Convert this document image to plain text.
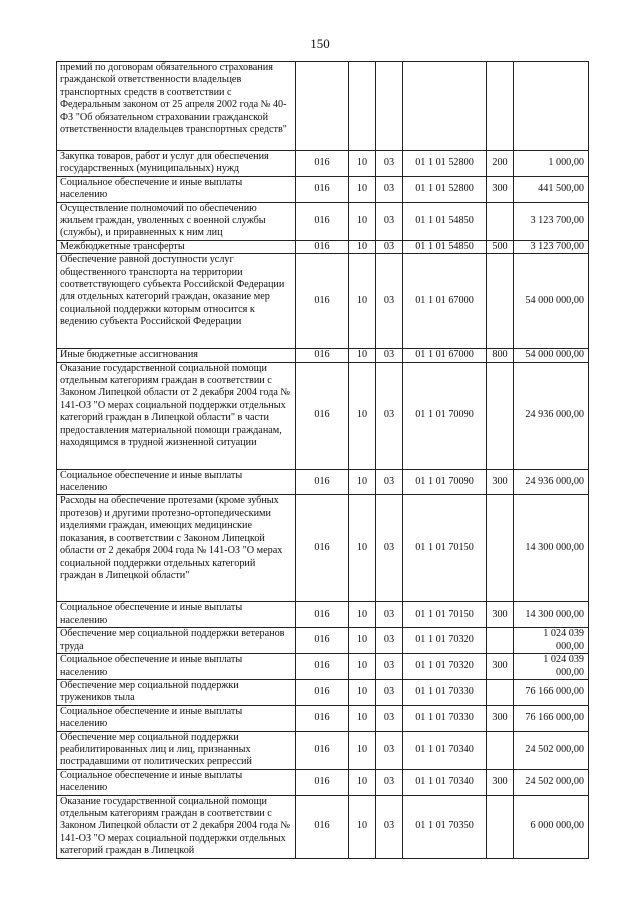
150
премий по договорам обязательного страхования гражданской ответственности владельцев транспортных средств в соответствии с Федеральным законом от 25 апреля 2002 года № 40-ФЗ "Об обязательном страховании гражданской ответственности владельцев транспортных средств"						
Закупка товаров, работ и услуг для обеспечения государственных (муниципальных) нужд	016	10	03	01 1 01 52800	200	1 000,00
Социальное обеспечение и иные выплаты населению	016	10	03	01 1 01 52800	300	441 500,00
Осуществление полномочий по обеспечению жильем граждан, уволенных с военной службы (службы), и приравненных к ним лиц	016	10	03	01 1 01 54850		3 123 700,00
Межбюджетные трансферты	016	10	03	01 1 01 54850	500	3 123 700,00
Обеспечение равной доступности услуг общественного транспорта на территории соответствующего субъекта Российской Федерации для отдельных категорий граждан, оказание мер социальной поддержки которым относится к ведению субъекта Российской Федерации	016	10	03	01 1 01 67000		54 000 000,00
Иные бюджетные ассигнования	016	10	03	01 1 01 67000	800	54 000 000,00
Оказание государственной социальной помощи отдельным категориям граждан в соответствии с Законом Липецкой области от 2 декабря 2004 года № 141-ОЗ "О мерах социальной поддержки отдельных категорий граждан в Липецкой области" в части предоставления материальной помощи гражданам, находящимся в трудной жизненной ситуации	016	10	03	01 1 01 70090		24 936 000,00
Социальное обеспечение и иные выплаты населению	016	10	03	01 1 01 70090	300	24 936 000,00
Расходы на обеспечение протезами (кроме зубных протезов) и другими протезно-ортопедическими изделиями граждан, имеющих медицинские показания, в соответствии с Законом Липецкой области от 2 декабря 2004 года № 141-ОЗ "О мерах социальной поддержки отдельных категорий граждан в Липецкой области"	016	10	03	01 1 01 70150		14 300 000,00
Социальное обеспечение и иные выплаты населению	016	10	03	01 1 01 70150	300	14 300 000,00
Обеспечение мер социальной поддержки ветеранов труда	016	10	03	01 1 01 70320		1 024 039 000,00
Социальное обеспечение и иные выплаты населению	016	10	03	01 1 01 70320	300	1 024 039 000,00
Обеспечение мер социальной поддержки тружеников тыла	016	10	03	01 1 01 70330		76 166 000,00
Социальное обеспечение и иные выплаты населению	016	10	03	01 1 01 70330	300	76 166 000,00
Обеспечение мер социальной поддержки реабилитированных лиц и лиц, признанных пострадавшими от политических репрессий	016	10	03	01 1 01 70340		24 502 000,00
Социальное обеспечение и иные выплаты населению	016	10	03	01 1 01 70340	300	24 502 000,00
Оказание государственной социальной помощи отдельным категориям граждан в соответствии с Законом Липецкой области от 2 декабря 2004 года № 141-ОЗ "О мерах социальной поддержки отдельных категорий граждан в Липецкой	016	10	03	01 1 01 70350		6 000 000,00
